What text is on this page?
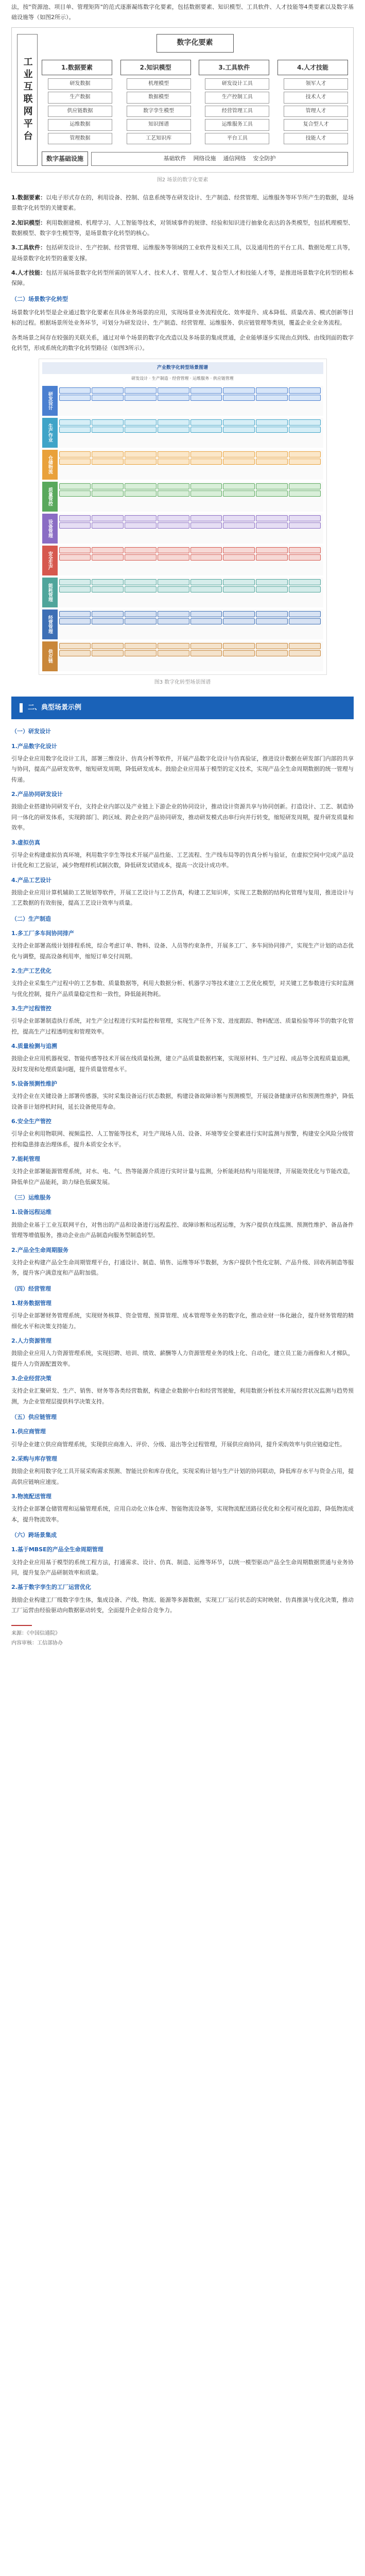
法，按"资源池、项目单、管理矩阵"的范式逐渐凝练数字化要素，包括数据要素、知识模型、工具软件、人才技能等4类要素以及数字基础设施等（如图2所示）。

工业互联网平台
数字化要素
1.数据要素
研发数据
生产数据
供应链数据
运维数据
管理数据
2.知识模型
机理模型
数据模型
数字孪生模型
知识图谱
工艺知识库
3.工具软件
研发设计工具
生产控制工具
经营管理工具
运维服务工具
平台工具
4.人才技能
领军人才
技术人才
管理人才
复合型人才
技能人才
数字基础设施	基础软件 网络设施 通信网络 安全防护
图2 场景的数字化要素

1.数据要素：以电子形式存在的，利用设备、控制、信息系统等在研发设计、生产制造、经营管理、运维服务等环节所产生的数据，是场景数字化转型的关键要素。

2.知识模型：利用数据建模、机理学习、人工智能等技术，对领域事件的规律、经验和知识进行抽象化表达的各类模型，包括机理模型、数据模型、数字孪生模型等，是场景数字化转型的核心。

3.工具软件：包括研发设计、生产控制、经营管理、运维服务等领域的工业软件及相关工具，以及通用性的平台工具、数据处理工具等，是场景数字化转型的重要支撑。

4.人才技能：包括开展场景数字化转型所需的领军人才、技术人才、管理人才、复合型人才和技能人才等，是推进场景数字化转型的根本保障。

（二）场景数字化转型

场景数字化转型是企业通过数字化要素在具体业务场景的应用，实现场景业务流程优化、效率提升、成本降低、质量改善、模式创新等目标的过程。根据场景所处业务环节，可划分为研发设计、生产制造、经营管理、运维服务、供应链管理等类别，覆盖企业全业务流程。

各类场景之间存在较强的关联关系，通过对单个场景的数字化改造以及多场景的集成贯通，企业能够逐步实现由点到线、由线到面的数字化转型，形成系统化的数字化转型路径（如图3所示）。

产业数字化转型场景图谱
研发设计 · 生产制造 · 经营管理 · 运维服务 · 供应链管理
研发设计
生产作业
仓储物流
质量管控
设备管理
安全生产
能耗管理
经营管理
供应链
图3 数字化转型场景图谱
二、典型场景示例
（一）研发设计
1.产品数字化设计

引导企业应用数字化设计工具，部署三维设计、仿真分析等软件，开展产品数字化设计与仿真验证，推进设计数据在研发部门内部的共享与协同，提高产品研发效率，缩短研发周期，降低研发成本。鼓励企业应用基于模型的定义技术，实现产品全生命周期数据的统一管理与传递。

2.产品协同研发设计

鼓励企业搭建协同研发平台，支持企业内部以及产业链上下游企业的协同设计，推动设计资源共享与协同创新。打造设计、工艺、制造协同一体化的研发体系，实现跨部门、跨区域、跨企业的产品协同研发，推动研发模式由串行向并行转变，缩短研发周期，提升研发质量和效率。

3.虚拟仿真

引导企业构建虚拟仿真环境，利用数字孪生等技术开展产品性能、工艺流程、生产线布局等的仿真分析与验证，在虚拟空间中完成产品设计优化和工艺验证，减少物理样机试制次数，降低研发试错成本，提高一次设计成功率。

4.产品工艺设计

鼓励企业应用计算机辅助工艺规划等软件，开展工艺设计与工艺仿真，构建工艺知识库，实现工艺数据的结构化管理与复用，推进设计与工艺数据的有效衔接，提高工艺设计效率与质量。

（二）生产制造
1.多工厂多车间协同排产

支持企业部署高级计划排程系统，综合考虑订单、物料、设备、人员等约束条件，开展多工厂、多车间协同排产，实现生产计划的动态优化与调整，提高设备利用率，缩短订单交付周期。

2.生产工艺优化

支持企业采集生产过程中的工艺参数、质量数据等，利用大数据分析、机器学习等技术建立工艺优化模型，对关键工艺参数进行实时监测与优化控制，提升产品质量稳定性和一致性，降低能耗物耗。

3.生产过程管控

引导企业部署制造执行系统，对生产全过程进行实时监控和管理，实现生产任务下发、进度跟踪、物料配送、质量检验等环节的数字化管控，提高生产过程透明度和管理效率。

4.质量检测与追溯

鼓励企业应用机器视觉、智能传感等技术开展在线质量检测，建立产品质量数据档案，实现原材料、生产过程、成品等全流程质量追溯，及时发现和处理质量问题，提升质量管理水平。

5.设备预测性维护

支持企业在关键设备上部署传感器，实时采集设备运行状态数据，构建设备故障诊断与预测模型，开展设备健康评估和预测性维护，降低设备非计划停机时间，延长设备使用寿命。

6.安全生产管控

引导企业利用物联网、视频监控、人工智能等技术，对生产现场人员、设备、环境等安全要素进行实时监测与预警，构建安全风险分级管控和隐患排查治理体系，提升本质安全水平。

7.能耗管理

支持企业部署能源管理系统，对水、电、气、热等能源介质进行实时计量与监测，分析能耗结构与用能规律，开展能效优化与节能改造，降低单位产品能耗，助力绿色低碳发展。

（三）运维服务
1.设备远程运维

鼓励企业基于工业互联网平台，对售出的产品和设备进行远程监控、故障诊断和远程运维，为客户提供在线监测、预测性维护、备品备件管理等增值服务，推动企业由产品制造向服务型制造转型。

2.产品全生命周期服务

支持企业构建产品全生命周期管理平台，打通设计、制造、销售、运维等环节数据，为客户提供个性化定制、产品升级、回收再制造等服务，提升客户满意度和产品附加值。

（四）经营管理
1.财务数据管理

引导企业部署财务管理系统，实现财务核算、资金管理、预算管理、成本管理等业务的数字化，推动业财一体化融合，提升财务管理的精细化水平和决策支持能力。

2.人力资源管理

鼓励企业应用人力资源管理系统，实现招聘、培训、绩效、薪酬等人力资源管理业务的线上化、自动化，建立员工能力画像和人才梯队，提升人力资源配置效率。

3.企业经营决策

支持企业汇聚研发、生产、销售、财务等各类经营数据，构建企业数据中台和经营驾驶舱，利用数据分析技术开展经营状况监测与趋势预测，为企业管理层提供科学决策支持。

（五）供应链管理
1.供应商管理

引导企业建立供应商管理系统，实现供应商准入、评价、分级、退出等全过程管理，开展供应商协同，提升采购效率与供应链稳定性。

2.采购与库存管理

鼓励企业利用数字化工具开展采购需求预测、智能比价和库存优化，实现采购计划与生产计划的协同联动，降低库存水平与资金占用，提高供应链响应速度。

3.物流配送管理

支持企业部署仓储管理和运输管理系统，应用自动化立体仓库、智能物流设备等，实现物流配送路径优化和全程可视化追踪，降低物流成本，提升物流效率。

（六）跨场景集成
1.基于MBSE的产品全生命周期管理

支持企业应用基于模型的系统工程方法，打通需求、设计、仿真、制造、运维等环节，以统一模型驱动产品全生命周期数据贯通与业务协同，提升复杂产品研制效率和质量。

2.基于数字孪生的工厂运营优化

鼓励企业构建工厂级数字孪生体，集成设备、产线、物流、能源等多源数据，实现工厂运行状态的实时映射、仿真推演与优化决策，推动工厂运营由经验驱动向数据驱动转变，全面提升企业综合竞争力。

来源：《中国信通院》
内容审核：工信部协办
